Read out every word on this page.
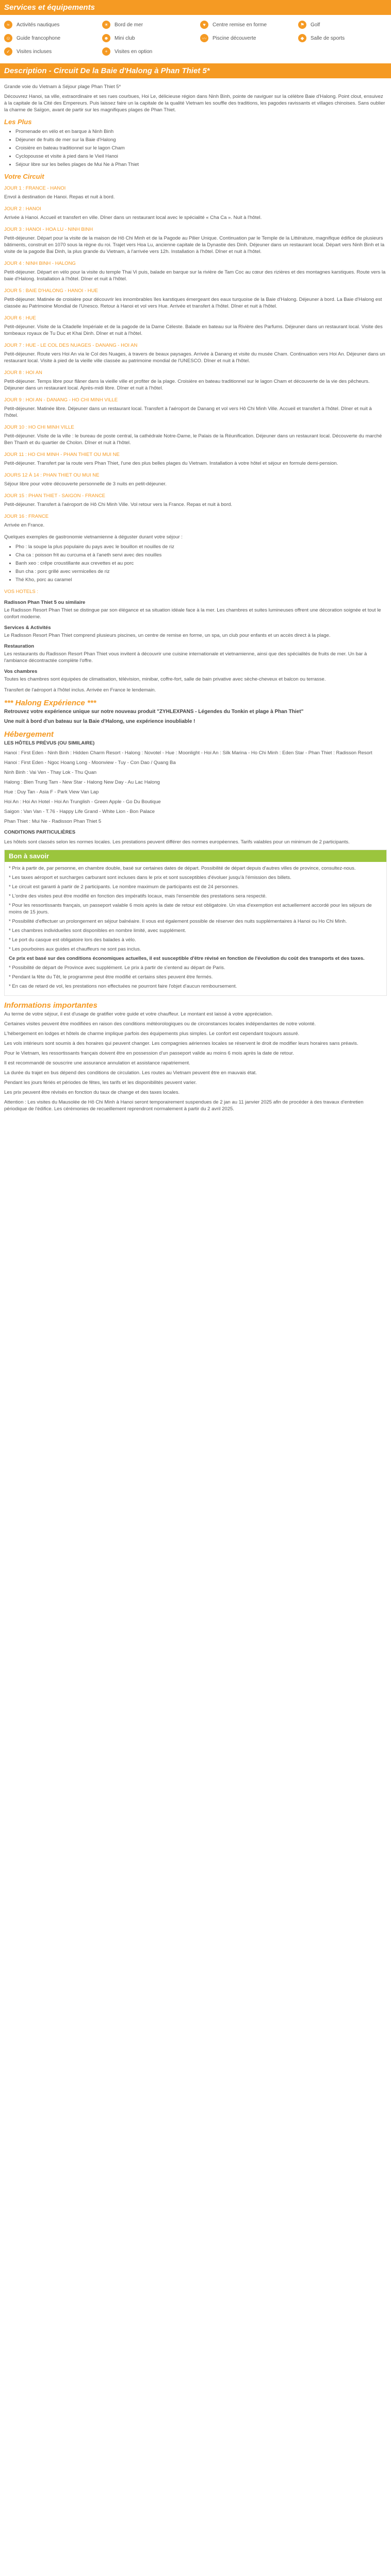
Services et équipements
≈	Activités nautiques	☀	Bord de mer	♥	Centre remise en forme	⚑	Golf
☺	Guide francophone	☻	Mini club	〰	Piscine découverte	◆	Salle de sports
✓	Visites incluses	+	Visites en option
Description - Circuit De la Baie d'Halong à Phan Thiet 5*

Grande voie du Vietnam à Séjour plage Phan Thiet 5*

Découvrez Hanoi, sa ville, extraordinaire et ses rues courbues, Hoi Le, délicieuse région dans Ninh Binh, pointe de naviguer sur la célèbre Baie d'Halong. Point clout, ensuivez à la capitale de la Cité des Empereurs. Puis laissez faire un la capitale de la qualité Vietnam les souffle des traditions, les pagodes ravissants et villages chinoises. Sans oublier la charme de Saïgon, avant de partir sur les magnifiques plages de Phan Thiet.

Les Plus
• Promenade en vélo et en barque à Ninh Binh
• Déjeuner de fruits de mer sur la Baie d'Halong
• Croisière en bateau traditionnel sur le lagon Cham
• Cyclopousse et visite à pied dans le Vieil Hanoi
• Séjour libre sur les belles plages de Mui Ne à Phan Thiet
Votre Circuit
JOUR 1 : FRANCE - HANOI

Envol à destination de Hanoi. Repas et nuit à bord.

JOUR 2 : HANOI

Arrivée à Hanoi. Accueil et transfert en ville. Dîner dans un restaurant local avec le spécialité « Cha Ca ». Nuit à l'hôtel.

JOUR 3 : HANOI - HOA LU - NINH BINH

Petit-déjeuner. Départ pour la visite de la maison de Hô Chi Minh et de la Pagode au Pilier Unique. Continuation par le Temple de la Littérature, magnifique édifice de plusieurs bâtiments, construit en 1070 sous la règne du roi. Trajet vers Hoa Lu, ancienne capitale de la Dynastie des Dinh. Déjeuner dans un restaurant local. Départ vers Ninh Binh et la visite de la pagode Bai Dinh, la plus grande du Vietnam, à l'arrivée vers 12h. Installation à l'hôtel. Dîner et nuit à l'hôtel.

JOUR 4 : NINH BINH - HALONG

Petit-déjeuner. Départ en vélo pour la visite du temple Thai Vi puis, balade en barque sur la rivière de Tam Coc au cœur des rizières et des montagnes karstiques. Route vers la baie d'Halong. Installation à l'hôtel. Dîner et nuit à l'hôtel.

JOUR 5 : BAIE D'HALONG - HANOI - HUE

Petit-déjeuner. Matinée de croisière pour découvrir les innombrables îles karstiques émergeant des eaux turquoise de la Baie d'Halong. Déjeuner à bord. La Baie d'Halong est classée au Patrimoine Mondial de l'Unesco. Retour à Hanoi et vol vers Hue. Arrivée et transfert à l'hôtel. Dîner et nuit à l'hôtel.

JOUR 6 : HUE

Petit-déjeuner. Visite de la Citadelle Impériale et de la pagode de la Dame Céleste. Balade en bateau sur la Rivière des Parfums. Déjeuner dans un restaurant local. Visite des tombeaux royaux de Tu Duc et Khai Dinh. Dîner et nuit à l'hôtel.

JOUR 7 : HUE - LE COL DES NUAGES - DANANG - HOI AN

Petit-déjeuner. Route vers Hoi An via le Col des Nuages, à travers de beaux paysages. Arrivée à Danang et visite du musée Cham. Continuation vers Hoi An. Déjeuner dans un restaurant local. Visite à pied de la vieille ville classée au patrimoine mondial de l'UNESCO. Dîner et nuit à l'hôtel.

JOUR 8 : HOI AN

Petit-déjeuner. Temps libre pour flâner dans la vieille ville et profiter de la plage. Croisière en bateau traditionnel sur le lagon Cham et découverte de la vie des pêcheurs. Déjeuner dans un restaurant local. Après-midi libre. Dîner et nuit à l'hôtel.

JOUR 9 : HOI AN - DANANG - HO CHI MINH VILLE

Petit-déjeuner. Matinée libre. Déjeuner dans un restaurant local. Transfert à l'aéroport de Danang et vol vers Hô Chi Minh Ville. Accueil et transfert à l'hôtel. Dîner et nuit à l'hôtel.

JOUR 10 : HO CHI MINH VILLE

Petit-déjeuner. Visite de la ville : le bureau de poste central, la cathédrale Notre-Dame, le Palais de la Réunification. Déjeuner dans un restaurant local. Découverte du marché Ben Thanh et du quartier de Cholon. Dîner et nuit à l'hôtel.

JOUR 11 : HO CHI MINH - PHAN THIET OU MUI NE

Petit-déjeuner. Transfert par la route vers Phan Thiet, l'une des plus belles plages du Vietnam. Installation à votre hôtel et séjour en formule demi-pension.

JOURS 12 À 14 : PHAN THIET OU MUI NE

Séjour libre pour votre découverte personnelle de 3 nuits en petit-déjeuner.

JOUR 15 : PHAN THIET - SAIGON - FRANCE

Petit-déjeuner. Transfert à l'aéroport de Hô Chi Minh Ville. Vol retour vers la France. Repas et nuit à bord.

JOUR 16 : FRANCE

Arrivée en France.

Quelques exemples de gastronomie vietnamienne à déguster durant votre séjour :

• Pho : la soupe la plus populaire du pays avec le bouillon et nouilles de riz
• Cha ca : poisson frit au curcuma et à l'aneth servi avec des nouilles
• Banh xeo : crêpe croustillante aux crevettes et au porc
• Bun cha : porc grillé avec vermicelles de riz
• Thé Kho, porc au caramel
VOS HOTELS :
Radisson Phan Thiet 5 ou similaire

Le Radisson Resort Phan Thiet se distingue par son élégance et sa situation idéale face à la mer. Les chambres et suites lumineuses offrent une décoration soignée et tout le confort moderne.

Services & Activités

Le Radisson Resort Phan Thiet comprend plusieurs piscines, un centre de remise en forme, un spa, un club pour enfants et un accès direct à la plage.

Restauration

Les restaurants du Radisson Resort Phan Thiet vous invitent à découvrir une cuisine internationale et vietnamienne, ainsi que des spécialités de fruits de mer. Un bar à l'ambiance décontractée complète l'offre.

Vos chambres

Toutes les chambres sont équipées de climatisation, télévision, minibar, coffre-fort, salle de bain privative avec sèche-cheveux et balcon ou terrasse.

Transfert de l'aéroport à l'hôtel inclus. Arrivée en France le lendemain.

*** Halong Expérience ***

Retrouvez votre expérience unique sur notre nouveau produit "ZYHLEXPANS - Légendes du Tonkin et plage à Phan Thiet"

Une nuit à bord d'un bateau sur la Baie d'Halong, une expérience inoubliable !

Hébergement

LES HÔTELS PRÉVUS (OU SIMILAIRE)

Hanoi : First Eden - Ninh Binh : Hidden Charm Resort - Halong : Novotel - Hue : Moonlight - Hoi An : Silk Marina - Ho Chi Minh : Eden Star - Phan Thiet : Radisson Resort

Hanoi : First Eden - Ngoc Hoang Long - Moonview - Tuy - Con Dao / Quang Ba

Ninh Binh : Vai Ven - Thay Lok - Thu Quan

Halong : Bien Trung Tam - New Star - Halong New Day - Au Lac Halong

Hue : Duy Tan - Asia F - Park View Van Lap

Hoi An : Hoi An Hotel - Hoi An Trunglish - Green Apple - Go Du Boutique

Saigon : Van Van - T.76 - Happy Life Grand - White Lion - Bon Palace

Phan Thiet : Mui Ne - Radisson Phan Thiet 5

CONDITIONS PARTICULIÈRES

Les hôtels sont classés selon les normes locales. Les prestations peuvent différer des normes européennes. Tarifs valables pour un minimum de 2 participants.

Bon à savoir

* Prix à partir de, par personne, en chambre double, basé sur certaines dates de départ. Possibilité de départ depuis d'autres villes de province, consultez-nous.

* Les taxes aéroport et surcharges carburant sont incluses dans le prix et sont susceptibles d'évoluer jusqu'à l'émission des billets.

* Le circuit est garanti à partir de 2 participants. Le nombre maximum de participants est de 24 personnes.

* L'ordre des visites peut être modifié en fonction des impératifs locaux, mais l'ensemble des prestations sera respecté.

* Pour les ressortissants français, un passeport valable 6 mois après la date de retour est obligatoire. Un visa d'exemption est actuellement accordé pour les séjours de moins de 15 jours.

* Possibilité d'effectuer un prolongement en séjour balnéaire. Il vous est également possible de réserver des nuits supplémentaires à Hanoi ou Ho Chi Minh.

* Les chambres individuelles sont disponibles en nombre limité, avec supplément.

* Le port du casque est obligatoire lors des balades à vélo.

* Les pourboires aux guides et chauffeurs ne sont pas inclus.

Ce prix est basé sur des conditions économiques actuelles, il est susceptible d'être révisé en fonction de l'évolution du coût des transports et des taxes.

* Possibilité de départ de Province avec supplément. Le prix à partir de s'entend au départ de Paris.

* Pendant la fête du Têt, le programme peut être modifié et certains sites peuvent être fermés.

* En cas de retard de vol, les prestations non effectuées ne pourront faire l'objet d'aucun remboursement.

Informations importantes

Au terme de votre séjour, il est d'usage de gratifier votre guide et votre chauffeur. Le montant est laissé à votre appréciation.

Certaines visites peuvent être modifiées en raison des conditions météorologiques ou de circonstances locales indépendantes de notre volonté.

L'hébergement en lodges et hôtels de charme implique parfois des équipements plus simples. Le confort est cependant toujours assuré.

Les vols intérieurs sont soumis à des horaires qui peuvent changer. Les compagnies aériennes locales se réservent le droit de modifier leurs horaires sans préavis.

Pour le Vietnam, les ressortissants français doivent être en possession d'un passeport valide au moins 6 mois après la date de retour.

Il est recommandé de souscrire une assurance annulation et assistance rapatriement.

La durée du trajet en bus dépend des conditions de circulation. Les routes au Vietnam peuvent être en mauvais état.

Pendant les jours fériés et périodes de fêtes, les tarifs et les disponibilités peuvent varier.

Les prix peuvent être révisés en fonction du taux de change et des taxes locales.

Attention : Les visites du Mausolée de Hô Chi Minh à Hanoi seront temporairement suspendues de 2 jan au 11 janvier 2025 afin de procéder à des travaux d'entretien périodique de l'édifice. Les cérémonies de recueillement reprendront normalement à partir du 2 avril 2025.
